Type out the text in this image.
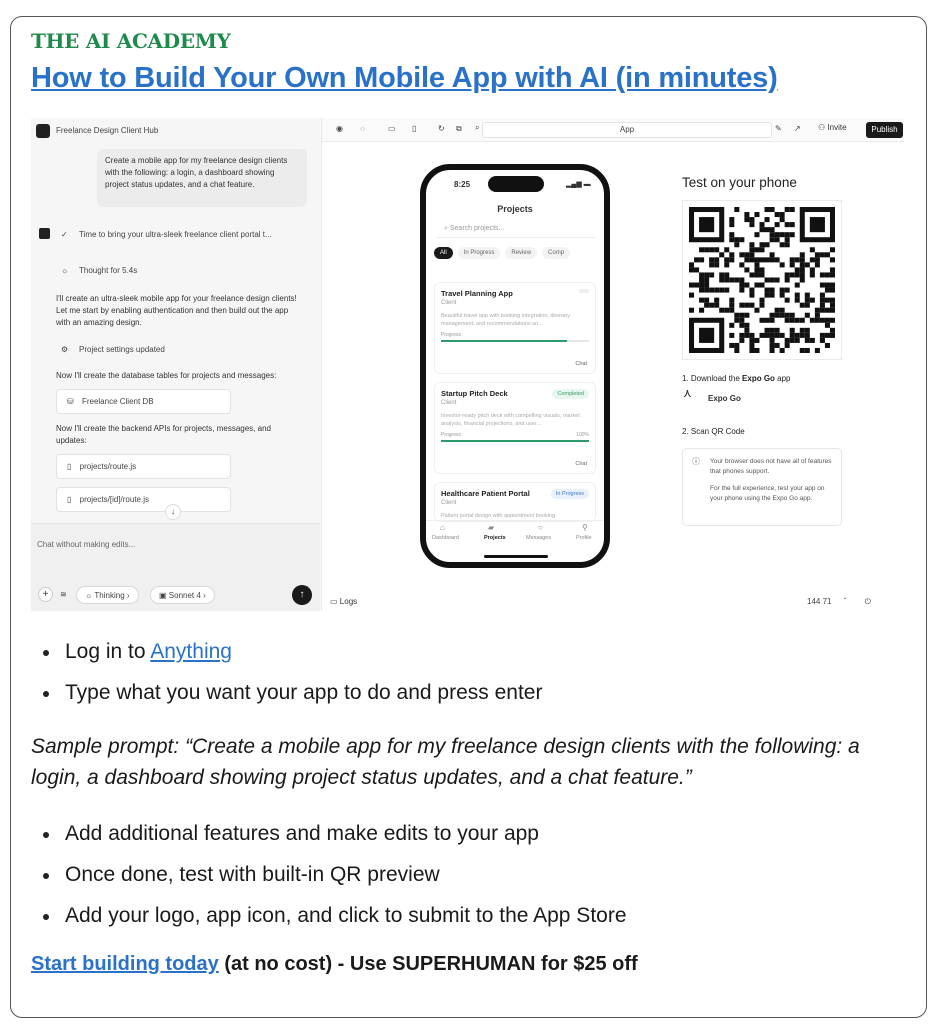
THE AI ACADEMY
How to Build Your Own Mobile App with AI (in minutes)
Freelance Design Client Hub
Create a mobile app for my freelance design clients with the following: a login, a dashboard showing project status updates, and a chat feature.
✓ Time to bring your ultra-sleek freelance client portal t...
☼ Thought for 5.4s
I'll create an ultra-sleek mobile app for your freelance design clients! Let me start by enabling authentication and then build out the app with an amazing design.
⚙ Project settings updated
Now I'll create the database tables for projects and messages:
⛁ Freelance Client DB
Now I'll create the backend APIs for projects, messages, and updates:
▯ projects/route.js
▯ projects/[id]/route.js
↓
Chat without making edits...
+	≋	☼ Thinking ›	▣ Sonnet 4 ›	↑
◉ ‹›	▭ ▯	↻ ⧉ ⌕	App	✎ ↗ ⚇ Invite	Publish
8:25	▂▄▆ ▬
Projects
⌕ Search projects...
All	In Progress	Review	Comp
Travel Planning App
Client
Beautiful travel app with booking integration, itinerary management, and recommendations an...
Progress
Chat
Startup Pitch Deck
Client
Completed
Investor-ready pitch deck with compelling visuals, market analysis, financial projections, and user...
Progress	100%
Chat
Healthcare Patient Portal
Client
In Progress
Patient portal design with appointment booking
⌂
Dashboard
▰
Projects
○
Messages
⚲
Profile
Test on your phone
1. Download the Expo Go app
⋏ Expo Go
2. Scan QR Code
ⓘ Your browser does not have all of features that phones support.
For the full experience, test your app on your phone using the Expo Go app.
▭ Logs	144 71 ˆ ⏻
Log in to Anything
Type what you want your app to do and press enter
Sample prompt: “Create a mobile app for my freelance design clients with the following: a login, a dashboard showing project status updates, and a chat feature.”
Add additional features and make edits to your app
Once done, test with built-in QR preview
Add your logo, app icon, and click to submit to the App Store
Start building today (at no cost) - Use SUPERHUMAN for $25 off
